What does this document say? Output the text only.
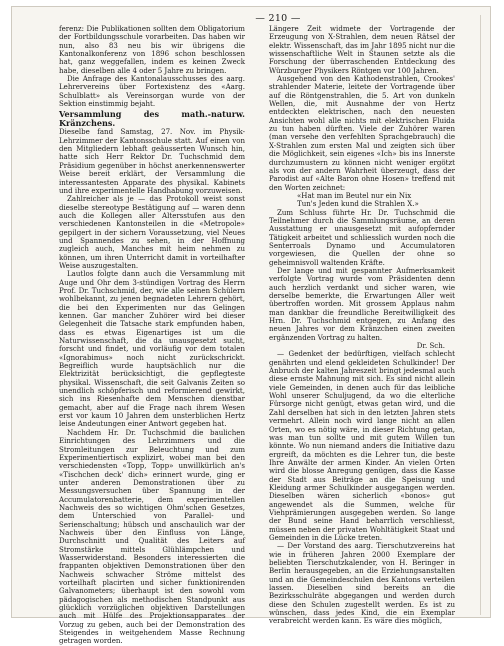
— 210 —

ferenz: Die Publikationen sollten dem Obligatorium der Fortbildungsschule vorarbeiten. Das haben wir nun, also 83 neu bis wir übrigens die Kantonalkonferenz von 1896 schon beschlossen hat, ganz weggefallen, indem es keinen Zweck habe, dieselben alle 4 oder 5 Jahre zu bringen.

Die Anfrage des Kantonalausschusses des aarg. Lehrervereins über Fortexistenz des «Aarg. Schulblatt» als Vereinsorgan wurde von der Sektion einstimmig bejaht.

Versammlung des math.-naturw. Kränzchens.

Dieselbe fand Samstag, 27. Nov. im Physik-Lehrzimmer der Kantonsschule statt. Auf einen von den Mitgliedern lebhaft geäusserten Wunsch hin, hatte sich Herr Rektor Dr. Tuchschmid dem Präsidium gegenüber in höchst anerkennenswerter Weise bereit erklärt, der Versammlung die interessantesten Apparate des physikal. Kabinets und ihre experimentelle Handhabung vorzuweisen.

Zahlreicher als je — das Protokoll weist sonst dieselbe stereotype Bestätigung auf — waren denn auch die Kollegen aller Altersstufen aus den verschiedenen Kantonsteilen in die «Metropole» gepilgert in der sichern Voraussetzung, viel Neues und Spannendes zu sehen, in der Hoffnung zugleich auch, Manches mit heim nehmen zu können, um ihren Unterricht damit in vorteilhafter Weise auszugestalten.

Lautlos folgte dann auch die Versammlung mit Auge und Ohr dem 3-stündigen Vortrag des Herrn Prof. Dr. Tuchschmid, der, wie alle seinen Schülern wohlbekannt, zu jenen begnadeten Lehrern gehört, die bei den Experimenten nur das Gelingen kennen. Gar mancher Zuhörer wird bei dieser Gelegenheit die Tatsache stark empfunden haben, dass es etwas Eigenartiges ist um die Naturwissenschaft, die da unausgesetzt sucht, forscht und findet, und vorläufig vor dem totalen «Ignorabimus» noch nicht zurückschrickt. Begreiflich wurde hauptsächlich nur die Elektrizität berücksichtigt, die gepflegteste physikal. Wissenschaft, die seit Galvanis Zeiten so unendlich schöpferisch und reformierend gewirkt, sich ins Riesenhafte dem Menschen dienstbar gemacht, aber auf die Frage nach ihrem Wesen erst vor kaum 10 Jahren dem unsterblichen Hertz leise Andeutungen einer Antwort gegeben hat.

Nachdem Hr. Dr. Tuchschmid die baulichen Einrichtungen des Lehrzimmers und die Stromleitungen zur Beleuchtung und zum Experimentiertisch explizirt, wobei man bei den verschiedensten «Topp, Topp» unwillkürlich an's «Tischchen deck' dich» erinnert wurde, ging er unter anderen Demonstrationen über zu Messungsversuchen über Spannung in der Accumulatorenbatterie, dem experimentellen Nachweis des so wichtigen Ohm'schen Gesetzes, dem Unterschied von Parallel- und Serienschaltung; hübsch und anschaulich war der Nachweis über den Einfluss von Länge, Durchschnitt und Qualität des Leiters auf Stromstärke mittels Glühlämpchen und Wasserwiderstand. Besonders interessierten die frappanten objektiven Demonstrationen über den Nachweis schwacher Ströme mittelst des vorteilhaft placirten und sicher funktionirenden Galvanometers; überhaupt ist den sowohl vom pädagogischen als methodischen Standpunkt aus glücklich vorzüglichen objektiven Darstellungen auch mit Hülfe des Projektionsapparates der Vorzug zu geben, auch bei der Demonstration des Steigendes in weitgehendem Masse Rechnung getragen worden.

Längere Zeit widmete der Vortragende der Erzeugung von X-Strahlen, dem neuen Rätsel der elektr. Wissenschaft, das im Jahr 1895 nicht nur die wissenschaftliche Welt in Staunen setzte als die Forschung der überraschenden Entdeckung des Würzburger Physikers Röntgen vor 100 Jahren.

Ausgehend von den Kathodenstrahlen, Crookes' strahlender Materie, leitete der Vortragende über auf die Röntgenstrahlen, die 5. Art von dunkeln Wellen, die, mit Ausnahme der von Hertz entdeckten elektrischen, nach den neuesten Ansichten wohl alle nichts mit elektrischen Fluida zu tun haben dürften. Viele der Zuhörer waren (man versehe den verfehlten Sprachgebrauch) die X-Strahlen zum ersten Mal und zeigten sich über die Möglichkeit, sein eigenes «Ich» bis ins Innerste durchzumustern zu können nicht weniger ergötzt als von der andern Wahrheit überzeugt, dass der Parodist auf «Alte Baron ohne Hosen» treffend mit den Worten zeichnet:

«Hat man im Beutel nur ein Nix

Tun's Jeden kund die Strahlen X.»

Zum Schluss führte Hr. Dr. Tuchschmid die Teilnehmer durch die Sammlungsräume, an deren Ausstattung er unausgesetzt mit aufopfernder Tätigkeit arbeitet und schliesslich wurden noch die Senterroals Dynamo und Accumulatoren vorgewiesen, die Quellen der ohne so geheimnisvoll waltenden Kräfte.

Der lange und mit gespannter Aufmerksamkeit verfolgte Vortrag wurde vom Präsidenten denn auch herzlich verdankt und sicher waren, wie derselbe bemerkte, die Erwartungen Aller weit übertroffen worden. Mit grossem Applaus nahm man dankbar die freundliche Bereitwilligkeit des Hrn. Dr. Tuchschmid entgegen, zu Anfang des neuen Jahres vor dem Kränzchen einen zweiten ergänzenden Vortrag zu halten.

Dr. Sch.

— Gedenket der bedürftigen, vielfach schlecht genährten und elend gekleideten Schulkinder! Der Anbruch der kalten Jahreszeit bringt jedesmal auch diese ernste Mahnung mit sich. Es sind nicht allein viele Gemeinden, in denen auch für das leibliche Wohl unserer Schuljugend, da wo die elterliche Fürsorge nicht genügt, etwas getan wird, und die Zahl derselben hat sich in den letzten Jahren stets vermehrt. Allein noch wird lange nicht an allen Orten, wo es nötig wäre, in dieser Richtung getan, was man tun sollte und mit gutem Willen tun könnte. Wo nun niemand anders die Initiative dazu ergreift, da möchten es die Lehrer tun, die beste Ihre Anwälte der armen Kinder. An vielen Orten wird die blosse Anregung genügen, dass die Kasse der Stadt aus Beiträge an die Speisung und Kleidung armer Schulkinder ausgegangen werden. Dieselben wären sicherlich «bonos» gut angewendet als die Summen, welche für Viehprämierungen ausgegeben werden. So lange der Bund seine Hand beharrlich verschliesst, müssen neben der privaten Wohltätigkeit Staat und Gemeinden in die Lücke treten.

— Der Vorstand des aarg. Tierschutzvereins hat wie in früheren Jahren 2000 Exemplare der beliebten Tierschutzkalender, von H. Beringer in Berlin herausgegeben, an die Erziehungsanstalten und an die Gemeindeschulen des Kantons verteilen lassen. Dieselben sind bereits an die Bezirksschulräte abgegangen und werden durch diese den Schulen zugestellt werden. Es ist zu wünschen, dass jedes Kind, die ein Exemplar verabreicht werden kann. Es wäre dies möglich,
